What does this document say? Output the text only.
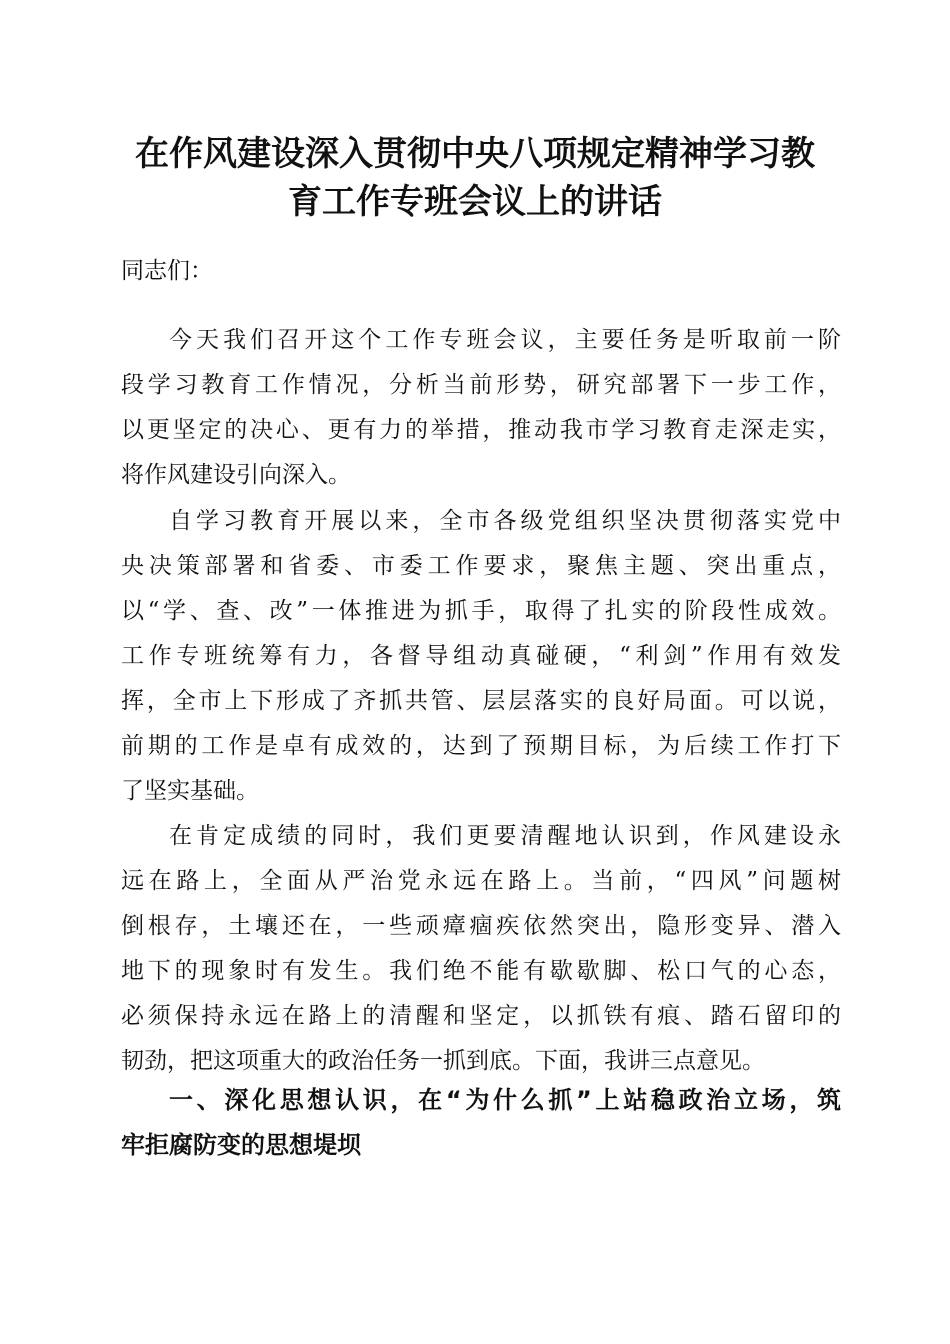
在作风建设深入贯彻中央八项规定精神学习教
育工作专班会议上的讲话

同志们：

今天我们召开这个工作专班会议，主要任务是听取前一阶
段学习教育工作情况，分析当前形势，研究部署下一步工作，
以更坚定的决心、更有力的举措，推动我市学习教育走深走实，
将作风建设引向深入。

自学习教育开展以来，全市各级党组织坚决贯彻落实党中
央决策部署和省委、市委工作要求，聚焦主题、突出重点，
以“学、查、改”一体推进为抓手，取得了扎实的阶段性成效。
工作专班统筹有力，各督导组动真碰硬，“利剑”作用有效发
挥，全市上下形成了齐抓共管、层层落实的良好局面。可以说，
前期的工作是卓有成效的，达到了预期目标，为后续工作打下
了坚实基础。

在肯定成绩的同时，我们更要清醒地认识到，作风建设永
远在路上，全面从严治党永远在路上。当前，“四风”问题树
倒根存，土壤还在，一些顽瘴痼疾依然突出，隐形变异、潜入
地下的现象时有发生。我们绝不能有歇歇脚、松口气的心态，
必须保持永远在路上的清醒和坚定，以抓铁有痕、踏石留印的
韧劲，把这项重大的政治任务一抓到底。下面，我讲三点意见。

一、深化思想认识，在“为什么抓”上站稳政治立场，筑
牢拒腐防变的思想堤坝
